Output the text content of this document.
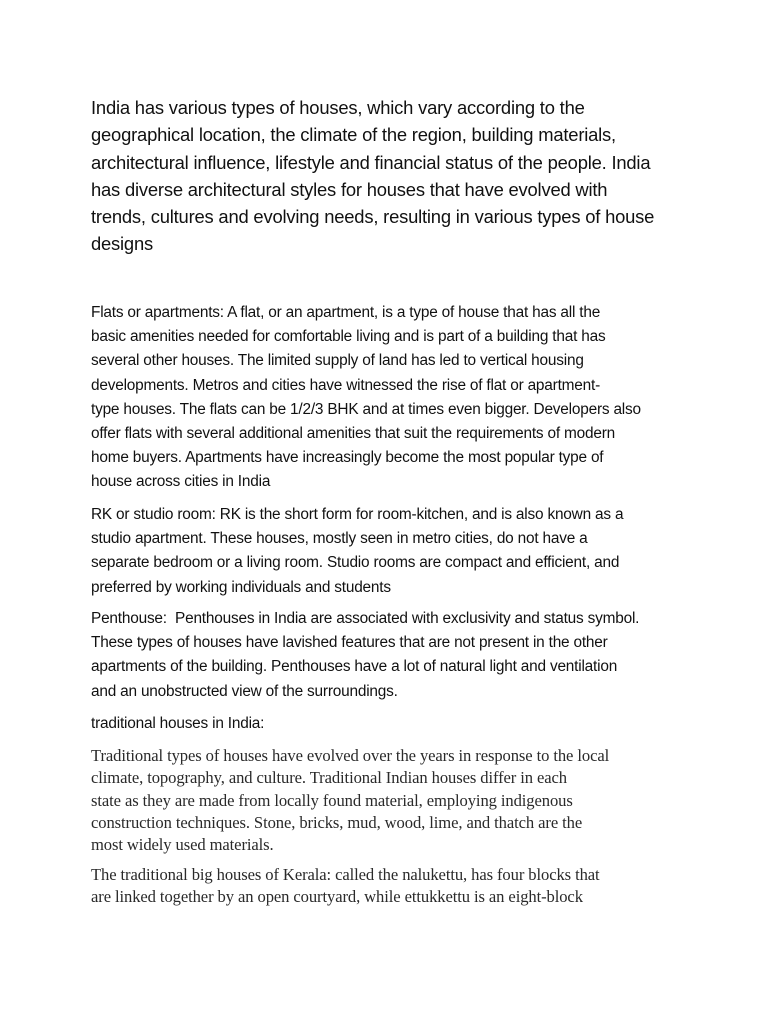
India has various types of houses, which vary according to the
geographical location, the climate of the region, building materials,
architectural influence, lifestyle and financial status of the people. India
has diverse architectural styles for houses that have evolved with
trends, cultures and evolving needs, resulting in various types of house
designs

Flats or apartments: A flat, or an apartment, is a type of house that has all the
basic amenities needed for comfortable living and is part of a building that has
several other houses. The limited supply of land has led to vertical housing
developments. Metros and cities have witnessed the rise of flat or apartment-
type houses. The flats can be 1/2/3 BHK and at times even bigger. Developers also
offer flats with several additional amenities that suit the requirements of modern
home buyers. Apartments have increasingly become the most popular type of
house across cities in India

RK or studio room: RK is the short form for room-kitchen, and is also known as a
studio apartment. These houses, mostly seen in metro cities, do not have a
separate bedroom or a living room. Studio rooms are compact and efficient, and
preferred by working individuals and students

Penthouse:  Penthouses in India are associated with exclusivity and status symbol.
These types of houses have lavished features that are not present in the other
apartments of the building. Penthouses have a lot of natural light and ventilation
and an unobstructed view of the surroundings.

traditional houses in India:

Traditional types of houses have evolved over the years in response to the local
climate, topography, and culture. Traditional Indian houses differ in each
state as they are made from locally found material, employing indigenous
construction techniques. Stone, bricks, mud, wood, lime, and thatch are the
most widely used materials.

The traditional big houses of Kerala: called the nalukettu, has four blocks that
are linked together by an open courtyard, while ettukkettu is an eight-block
